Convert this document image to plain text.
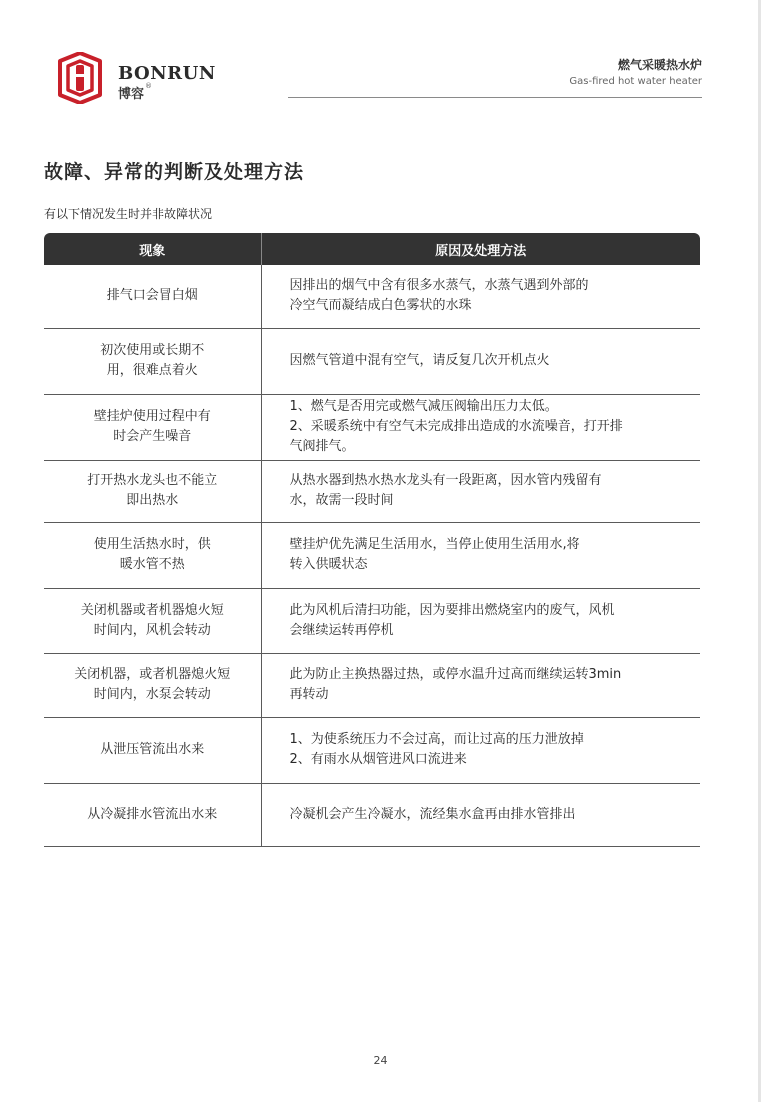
BONRUN
博容
®
燃气采暖热水炉
Gas-fired hot water heater
故障、异常的判断及处理方法
有以下情况发生时并非故障状况
现象	原因及处理方法

排气口会冒白烟	因排出的烟气中含有很多水蒸气，水蒸气遇到外部的
冷空气而凝结成白色雾状的水珠

初次使用或长期不
用，很难点着火	因燃气管道中混有空气，请反复几次开机点火

壁挂炉使用过程中有
时会产生噪音	1、燃气是否用完或燃气减压阀输出压力太低。
2、采暖系统中有空气未完成排出造成的水流噪音，打开排
气阀排气。

打开热水龙头也不能立
即出热水	从热水器到热水热水龙头有一段距离，因水管内残留有
水，故需一段时间

使用生活热水时，供
暖水管不热	壁挂炉优先满足生活用水，当停止使用生活用水,将
转入供暖状态

关闭机器或者机器熄火短
时间内，风机会转动	此为风机后清扫功能，因为要排出燃烧室内的废气，风机
会继续运转再停机

关闭机器，或者机器熄火短
时间内，水泵会转动	此为防止主换热器过热，或停水温升过高而继续运转3min
再转动

从泄压管流出水来	1、为使系统压力不会过高，而让过高的压力泄放掉
2、有雨水从烟管进风口流进来

从冷凝排水管流出水来	冷凝机会产生冷凝水，流经集水盒再由排水管排出
24
